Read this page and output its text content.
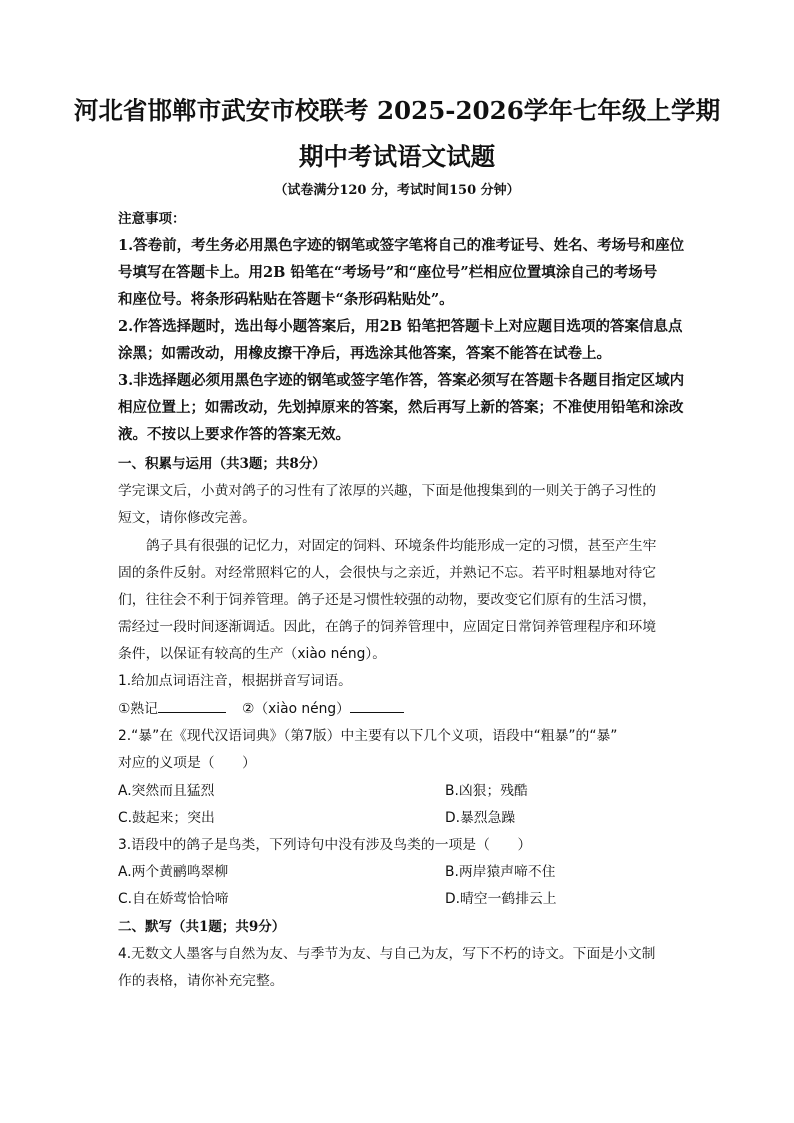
河北省邯郸市武安市校联考 2025-2026学年七年级上学期
期中考试语文试题
（试卷满分120 分，考试时间150 分钟）
注意事项：
1.答卷前，考生务必用黑色字迹的钢笔或签字笔将自己的准考证号、姓名、考场号和座位
号填写在答题卡上。用2B 铅笔在“考场号”和“座位号”栏相应位置填涂自己的考场号
和座位号。将条形码粘贴在答题卡“条形码粘贴处”。
2.作答选择题时，选出每小题答案后，用2B 铅笔把答题卡上对应题目选项的答案信息点
涂黑；如需改动，用橡皮擦干净后，再选涂其他答案，答案不能答在试卷上。
3.非选择题必须用黑色字迹的钢笔或签字笔作答，答案必须写在答题卡各题目指定区域内
相应位置上；如需改动，先划掉原来的答案，然后再写上新的答案；不准使用铅笔和涂改
液。不按以上要求作答的答案无效。
一、积累与运用（共3题；共8分）
学完课文后，小黄对鸽子的习性有了浓厚的兴趣，下面是他搜集到的一则关于鸽子习性的
短文，请你修改完善。
鸽子具有很强的记忆力，对固定的饲料、环境条件均能形成一定的习惯，甚至产生牢
固的条件反射。对经常照料它的人，会很快与之亲近，并熟记不忘。若平时粗暴地对待它
们，往往会不利于饲养管理。鸽子还是习惯性较强的动物，要改变它们原有的生活习惯，
需经过一段时间逐渐调适。因此，在鸽子的饲养管理中，应固定日常饲养管理程序和环境
条件，以保证有较高的生产（xiào néng）。
1.给加点词语注音，根据拼音写词语。
①熟记	②（xiào néng）
2.“暴”在《现代汉语词典》（第7版）中主要有以下几个义项，语段中“粗暴”的“暴”
对应的义项是（　　）
A.突然而且猛烈	B.凶狠；残酷
C.鼓起来；突出	D.暴烈急躁
3.语段中的鸽子是鸟类，下列诗句中没有涉及鸟类的一项是（　　）
A.两个黄鹂鸣翠柳	B.两岸猿声啼不住
C.自在娇莺恰恰啼	D.晴空一鹤排云上
二、默写（共1题；共9分）
4.无数文人墨客与自然为友、与季节为友、与自己为友，写下不朽的诗文。下面是小文制
作的表格，请你补充完整。
